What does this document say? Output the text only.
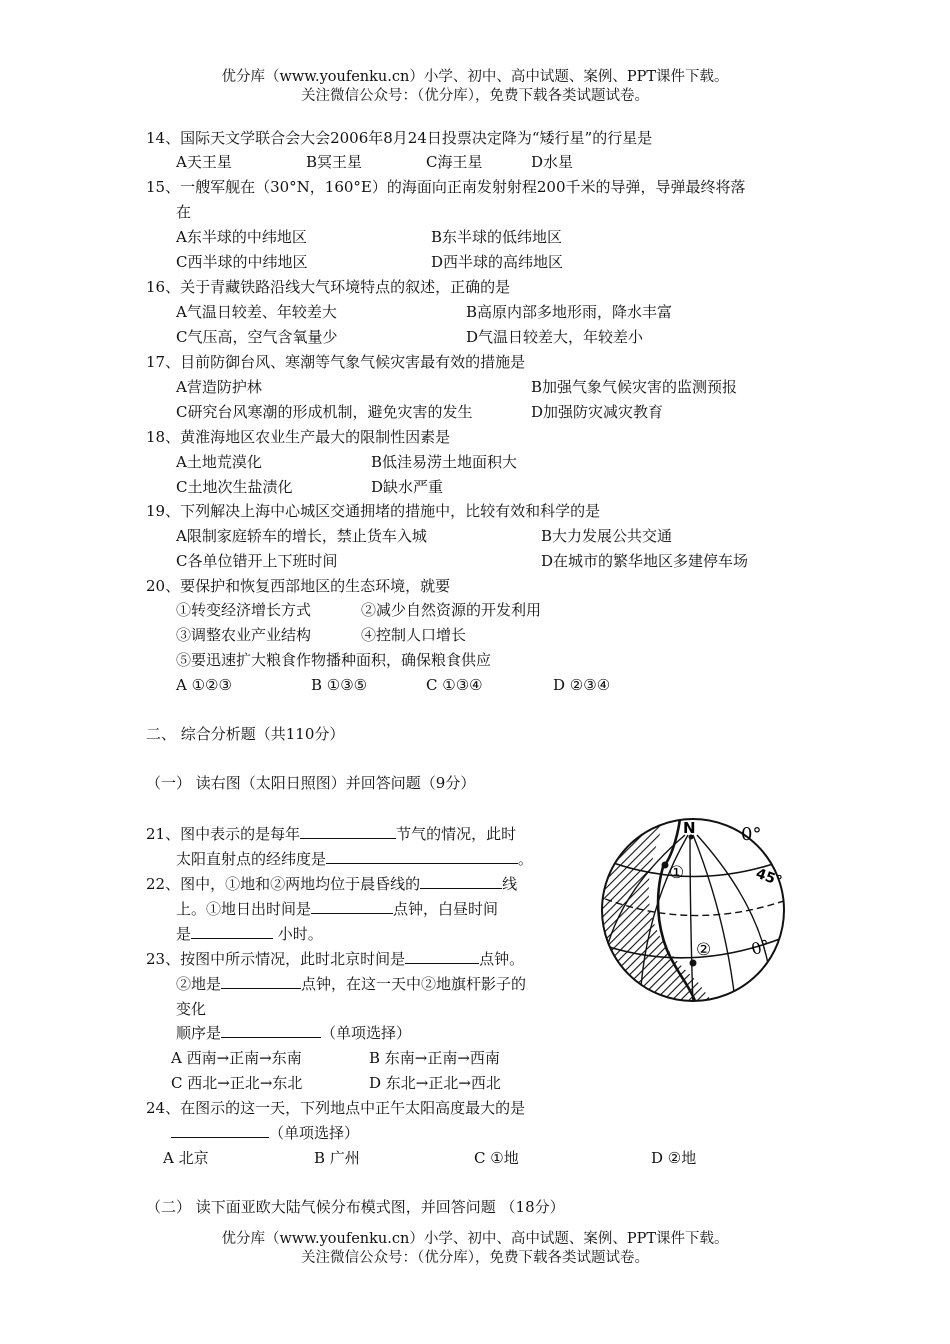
优分库（www.youfenku.cn）小学、初中、高中试题、案例、PPT课件下载。
关注微信公众号：（优分库），免费下载各类试题试卷。
14、国际天文学联合会大会2006年8月24日投票决定降为“矮行星”的行星是
A天王星	B冥王星	C海王星	D水星
15、一艘军舰在（30°N，160°E）的海面向正南发射射程200千米的导弹，导弹最终将落
在
A东半球的中纬地区	B东半球的低纬地区
C西半球的中纬地区	D西半球的高纬地区
16、关于青藏铁路沿线大气环境特点的叙述，正确的是
A气温日较差、年较差大	B高原内部多地形雨，降水丰富
C气压高，空气含氧量少	D气温日较差大，年较差小
17、目前防御台风、寒潮等气象气候灾害最有效的措施是
A营造防护林	B加强气象气候灾害的监测预报
C研究台风寒潮的形成机制，避免灾害的发生	D加强防灾减灾教育
18、黄淮海地区农业生产最大的限制性因素是
A土地荒漠化	B低洼易涝土地面积大
C土地次生盐渍化	D缺水严重
19、下列解决上海中心城区交通拥堵的措施中，比较有效和科学的是
A限制家庭轿车的增长，禁止货车入城	B大力发展公共交通
C各单位错开上下班时间	D在城市的繁华地区多建停车场
20、要保护和恢复西部地区的生态环境，就要
①转变经济增长方式	②减少自然资源的开发利用
③调整农业产业结构	④控制人口增长
⑤要迅速扩大粮食作物播种面积，确保粮食供应
A ①②③	B ①③⑤	C ①③④	D ②③④
二、 综合分析题（共110分）
（一） 读右图（太阳日照图）并回答问题（9分）
21、图中表示的是每年	节气的情况，此时
太阳直射点的经纬度是	。
22、图中，①地和②两地均位于晨昏线的	线
上。①地日出时间是	点钟，白昼时间
是	小时。
23、按图中所示情况，此时北京时间是	点钟。
②地是	点钟，在这一天中②地旗杆影子的
变化
顺序是	（单项选择）
A 西南→正南→东南	B 东南→正南→西南
C 西北→正北→东北	D 东北→正北→西北
24、在图示的这一天，下列地点中正午太阳高度最大的是
（单项选择）
A 北京	B 广州	C ①地	D ②地
（二） 读下面亚欧大陆气候分布模式图，并回答问题 （18分）
优分库（www.youfenku.cn）小学、初中、高中试题、案例、PPT课件下载。
关注微信公众号：（优分库），免费下载各类试题试卷。
N	0°
45°
0°
①
②
